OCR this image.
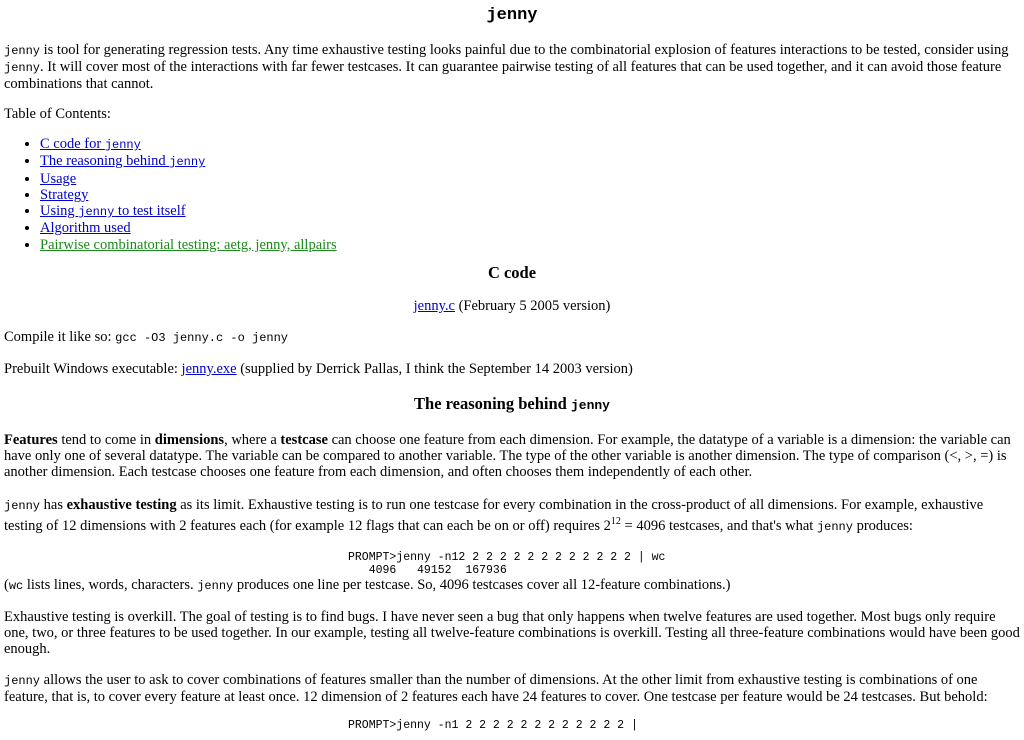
jenny

jenny is tool for generating regression tests. Any time exhaustive testing looks painful due to the combinatorial explosion of features interactions to be tested, consider using jenny. It will cover most of the interactions with far fewer testcases. It can guarantee pairwise testing of all features that can be used together, and it can avoid those feature combinations that cannot.

Table of Contents:

• C code for jenny
• The reasoning behind jenny
• Usage
• Strategy
• Using jenny to test itself
• Algorithm used
• Pairwise combinatorial testing: aetg, jenny, allpairs
C code

jenny.c (February 5 2005 version)

Compile it like so: gcc -O3 jenny.c -o jenny

Prebuilt Windows executable: jenny.exe (supplied by Derrick Pallas, I think the September 14 2003 version)

The reasoning behind jenny

Features tend to come in dimensions, where a testcase can choose one feature from each dimension. For example, the datatype of a variable is a dimension: the variable can have only one of several datatype. The variable can be compared to another variable. The type of the other variable is another dimension. The type of comparison (<, >, =) is another dimension. Each testcase chooses one feature from each dimension, and often chooses them independently of each other.

jenny has exhaustive testing as its limit. Exhaustive testing is to run one testcase for every combination in the cross-product of all dimensions. For example, exhaustive testing of 12 dimensions with 2 features each (for example 12 flags that can each be on or off) requires $2^{12} = 4096$ testcases, and that's what jenny produces:

PROMPT>jenny -n12 2 2 2 2 2 2 2 2 2 2 2 2 | wc
4096   49152  167936

(wc lists lines, words, characters. jenny produces one line per testcase. So, 4096 testcases cover all 12-feature combinations.)

Exhaustive testing is overkill. The goal of testing is to find bugs. I have never seen a bug that only happens when twelve features are used together. Most bugs only require one, two, or three features to be used together. In our example, testing all twelve-feature combinations is overkill. Testing all three-feature combinations would have been good enough.

jenny allows the user to ask to cover combinations of features smaller than the number of dimensions. At the other limit from exhaustive testing is combinations of one feature, that is, to cover every feature at least once. 12 dimension of 2 features each have 24 features to cover. One testcase per feature would be 24 testcases. But behold:

PROMPT>jenny -n1 2 2 2 2 2 2 2 2 2 2 2 2 |
